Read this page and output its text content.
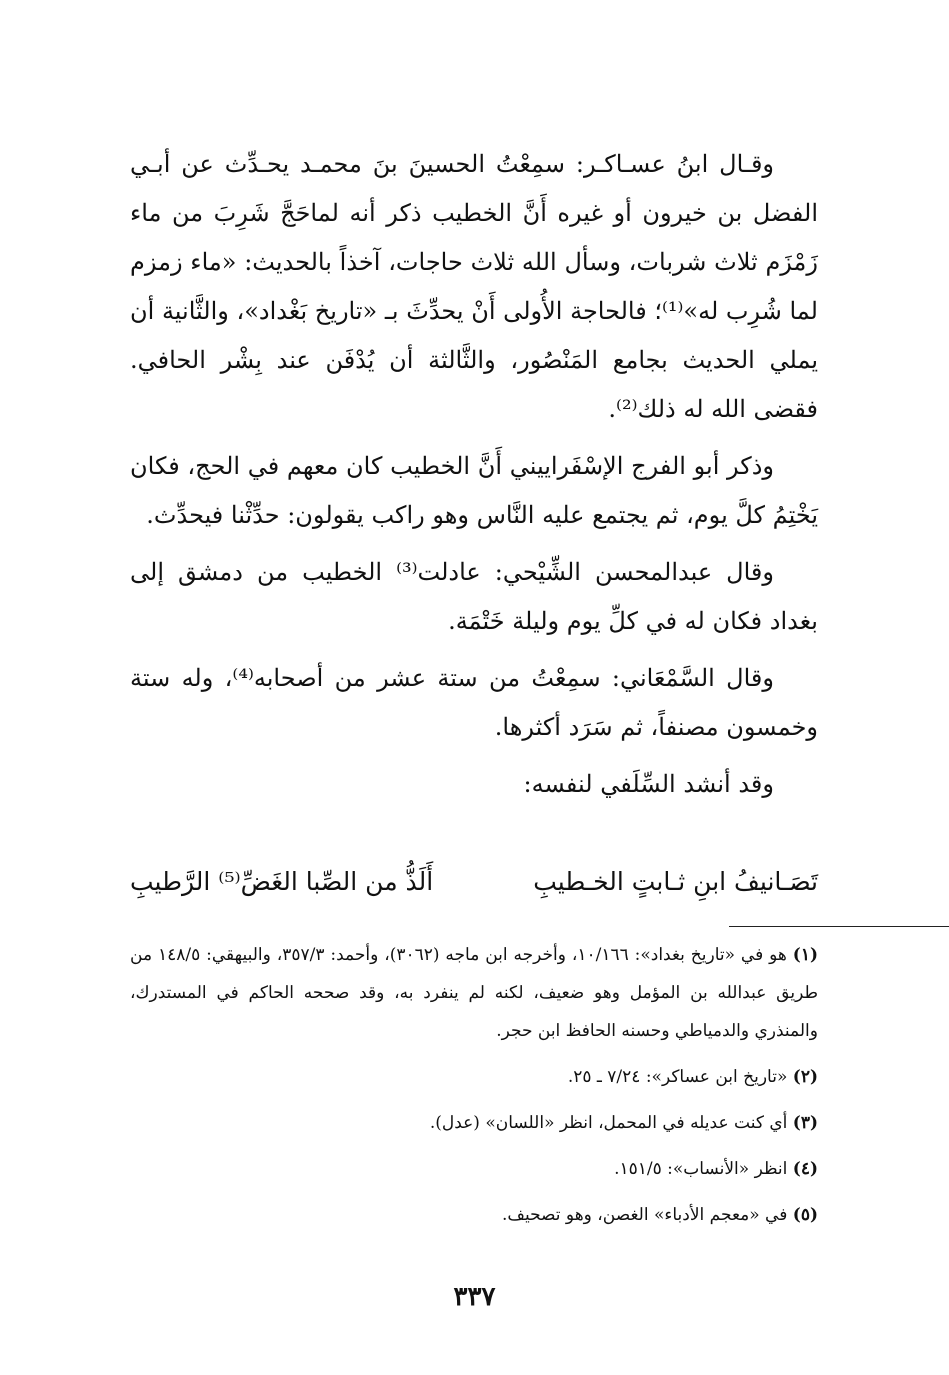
وقـال ابنُ عسـاكـر: سمِعْتُ الحسينَ بنَ محمـد يحـدِّث عن أبـي الفضل بن خيرون أو غيره أَنَّ الخطيب ذكر أنه لماحَجَّ شَرِبَ من ماء زَمْزَم ثلاث شربات، وسأل الله ثلاث حاجات، آخذاً بالحديث: «ماء زمزم لما شُرِب له»⁽¹⁾؛ فالحاجة الأُولى أَنْ يحدِّثَ بـ «تاريخ بَغْداد»، والثَّانية أن يملي الحديث بجامع المَنْصُور، والثَّالثة أن يُدْفَن عند بِشْر الحافي. فقضى الله له ذلك⁽²⁾.

وذكر أبو الفرج الإسْفَراييني أَنَّ الخطيب كان معهم في الحج، فكان يَخْتِمُ كلَّ يوم، ثم يجتمع عليه النَّاس وهو راكب يقولون: حدِّثْنا فيحدِّث.

وقال عبدالمحسن الشِّيْحي: عادلت⁽³⁾ الخطيب من دمشق إلى بغداد فكان له في كلِّ يوم وليلة خَتْمَة.

وقال السَّمْعَاني: سمِعْتُ من ستة عشر من أصحابه⁽⁴⁾، وله ستة وخمسون مصنفاً، ثم سَرَد أكثرها.

وقد أنشد السِّلَفي لنفسه:

تَصَـانيفُ ابنِ ثـابتٍ الخـطيبِ
أَلَذُّ من الصِّبا الغَضِّ⁽⁵⁾ الرَّطيبِ

(١) هو في «تاريخ بغداد»: ١٠/١٦٦، وأخرجه ابن ماجه (٣٠٦٢)، وأحمد: ٣٥٧/٣، والبيهقي: ١٤٨/٥ من طريق عبدالله بن المؤمل وهو ضعيف، لكنه لم ينفرد به، وقد صححه الحاكم في المستدرك، والمنذري والدمياطي وحسنه الحافظ ابن حجر.

(٢) «تاريخ ابن عساكر»: ٧/٢٤ ـ ٢٥.

(٣) أي كنت عديله في المحمل، انظر «اللسان» (عدل).

(٤) انظر «الأنساب»: ١٥١/٥.

(٥) في «معجم الأدباء» الغصن، وهو تصحيف.

٣٣٧
